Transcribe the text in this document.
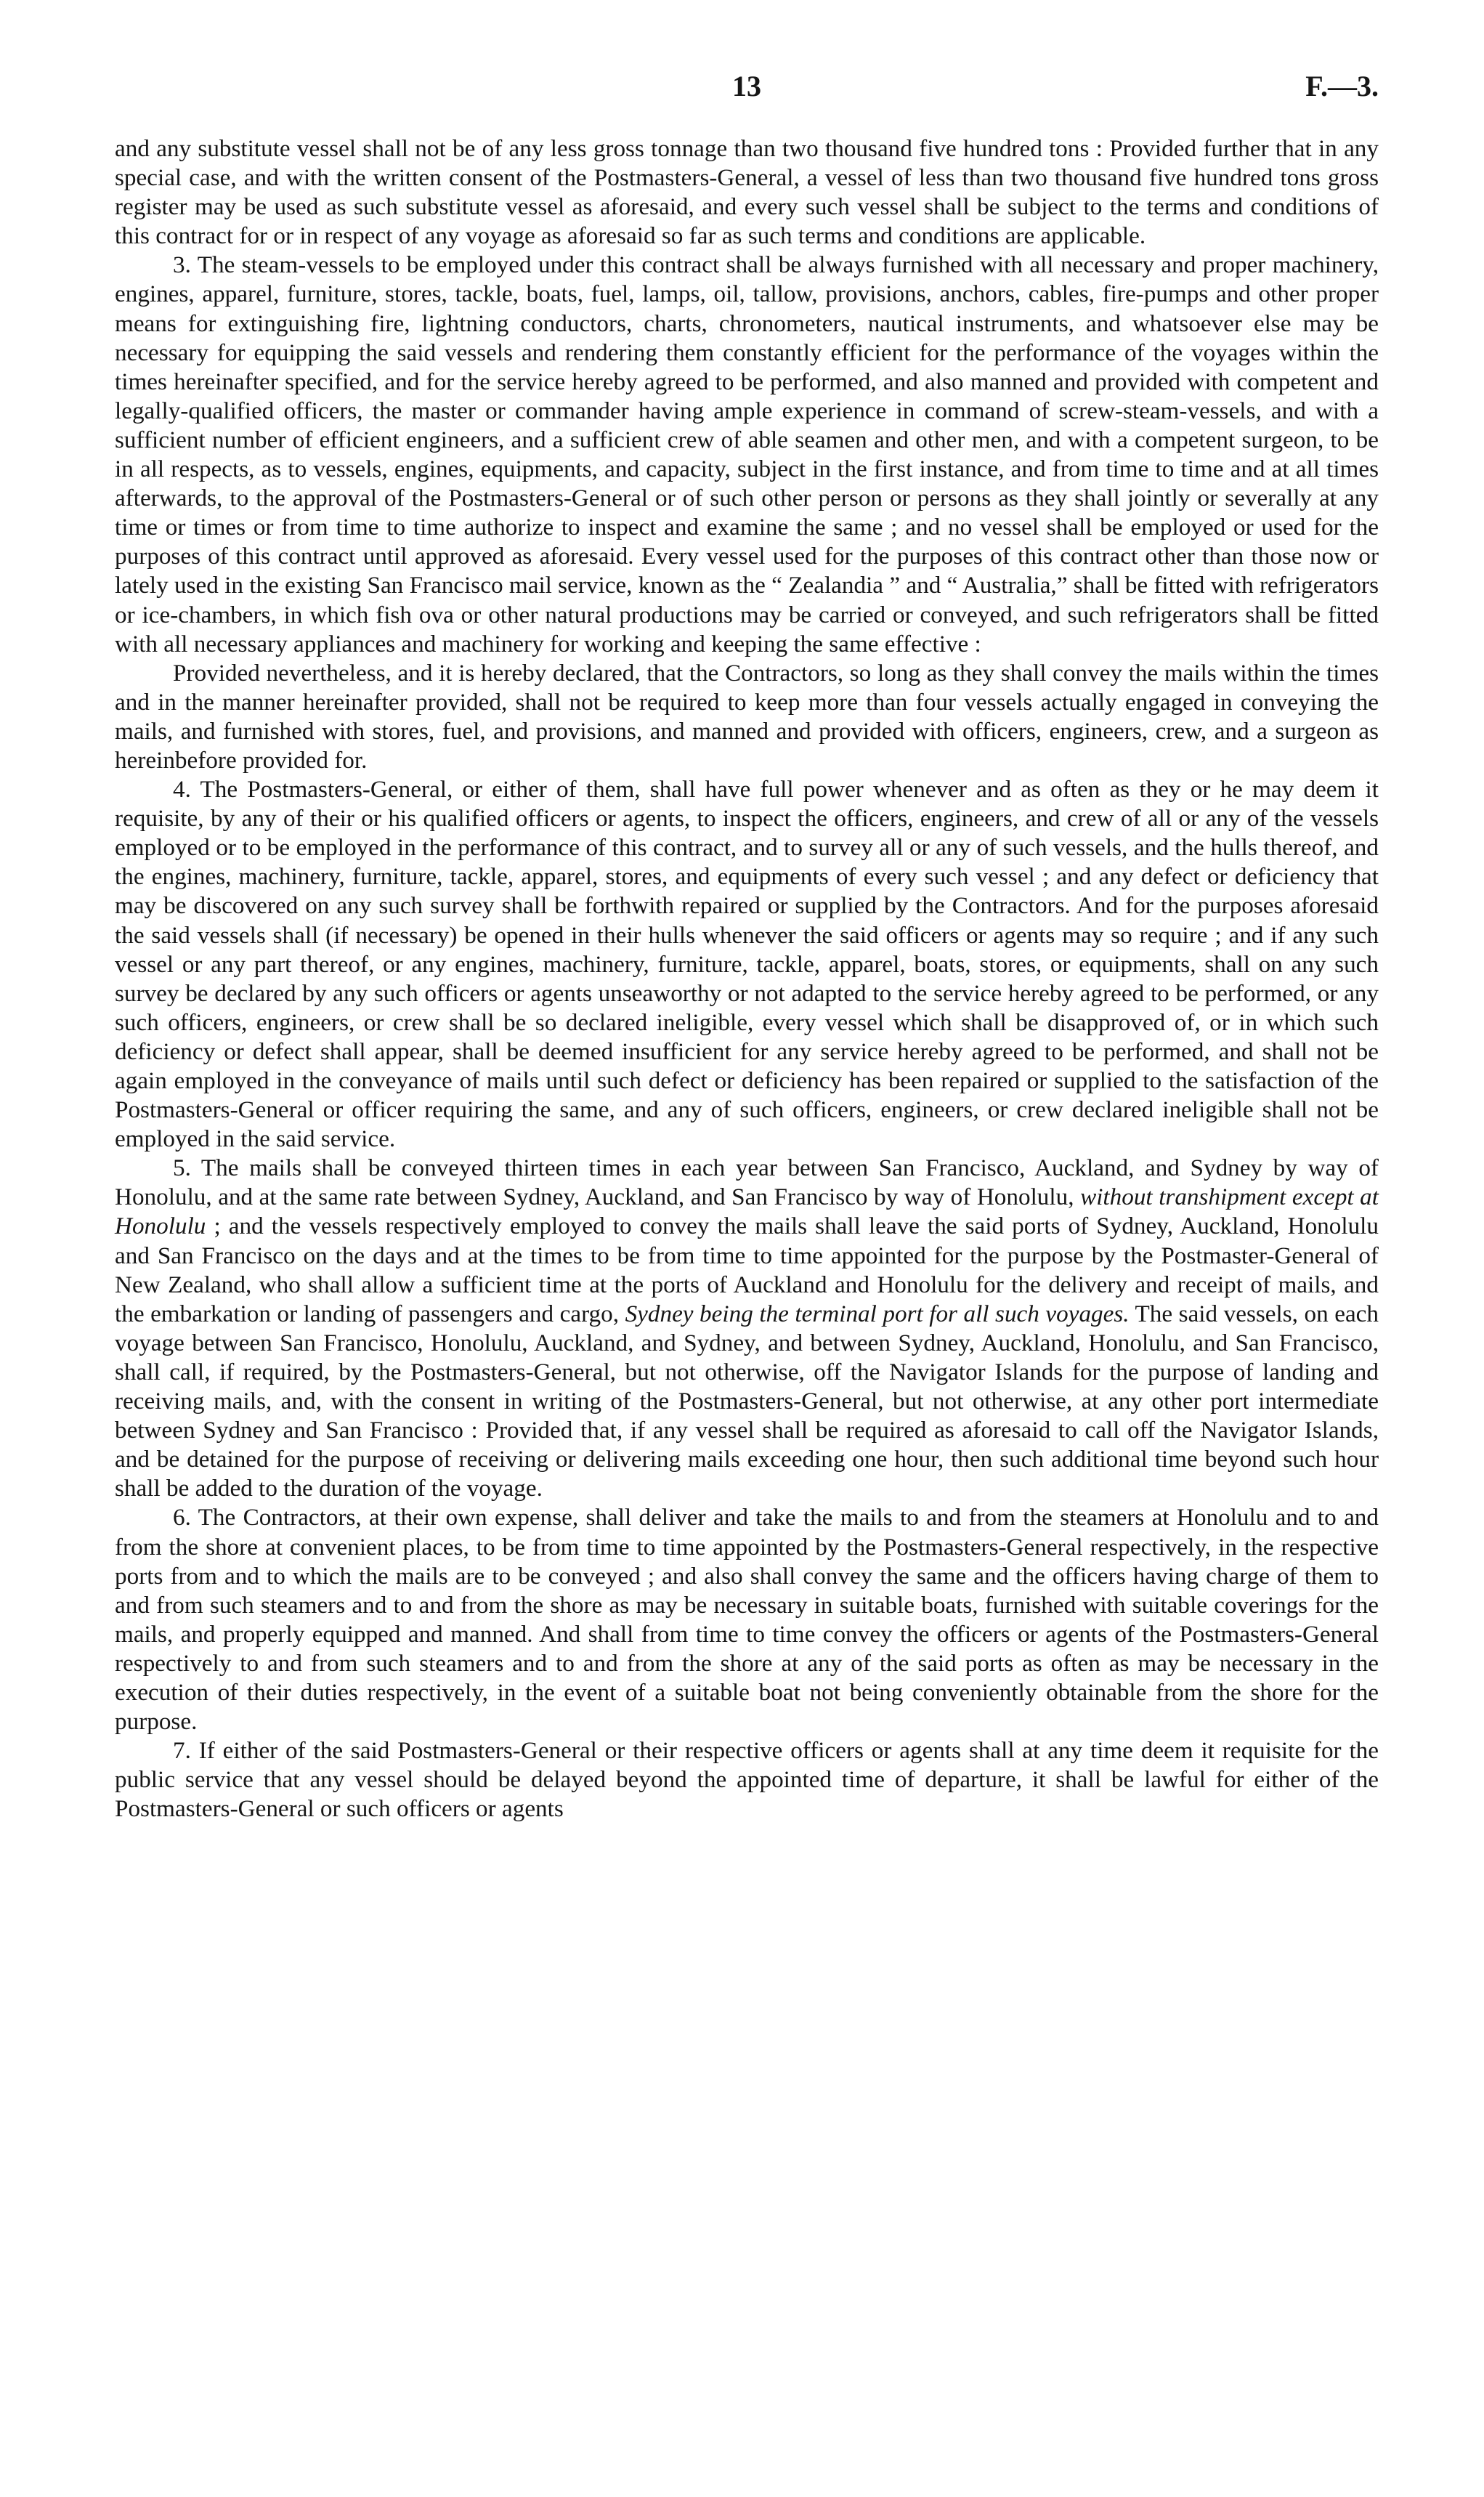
13	F.—3.

and any substitute vessel shall not be of any less gross tonnage than two thousand five hundred tons : Provided further that in any special case, and with the written consent of the Postmasters-General, a vessel of less than two thousand five hundred tons gross register may be used as such substitute vessel as aforesaid, and every such vessel shall be subject to the terms and conditions of this contract for or in respect of any voyage as aforesaid so far as such terms and conditions are applicable.

3. The steam-vessels to be employed under this contract shall be always furnished with all necessary and proper machinery, engines, apparel, furniture, stores, tackle, boats, fuel, lamps, oil, tallow, provisions, anchors, cables, fire-pumps and other proper means for extinguishing fire, lightning conductors, charts, chronometers, nautical instruments, and whatsoever else may be necessary for equipping the said vessels and rendering them constantly efficient for the performance of the voyages within the times hereinafter specified, and for the service hereby agreed to be performed, and also manned and provided with competent and legally-qualified officers, the master or commander having ample experience in command of screw-steam-vessels, and with a sufficient number of efficient engineers, and a sufficient crew of able seamen and other men, and with a competent surgeon, to be in all respects, as to vessels, engines, equipments, and capacity, subject in the first instance, and from time to time and at all times afterwards, to the approval of the Postmasters-General or of such other person or persons as they shall jointly or severally at any time or times or from time to time authorize to inspect and examine the same ; and no vessel shall be employed or used for the purposes of this contract until approved as aforesaid. Every vessel used for the purposes of this contract other than those now or lately used in the existing San Francisco mail service, known as the “ Zealandia ” and “ Australia,” shall be fitted with refrigerators or ice-chambers, in which fish ova or other natural productions may be carried or conveyed, and such refrigerators shall be fitted with all necessary appliances and machinery for working and keeping the same effective :

Provided nevertheless, and it is hereby declared, that the Contractors, so long as they shall convey the mails within the times and in the manner hereinafter provided, shall not be required to keep more than four vessels actually engaged in conveying the mails, and furnished with stores, fuel, and provisions, and manned and provided with officers, engineers, crew, and a surgeon as hereinbefore provided for.

4. The Postmasters-General, or either of them, shall have full power whenever and as often as they or he may deem it requisite, by any of their or his qualified officers or agents, to inspect the officers, engineers, and crew of all or any of the vessels employed or to be employed in the performance of this contract, and to survey all or any of such vessels, and the hulls thereof, and the engines, machinery, furniture, tackle, apparel, stores, and equipments of every such vessel ; and any defect or deficiency that may be discovered on any such survey shall be forthwith repaired or supplied by the Contractors. And for the purposes aforesaid the said vessels shall (if necessary) be opened in their hulls whenever the said officers or agents may so require ; and if any such vessel or any part thereof, or any engines, machinery, furniture, tackle, apparel, boats, stores, or equipments, shall on any such survey be declared by any such officers or agents unseaworthy or not adapted to the service hereby agreed to be performed, or any such officers, engineers, or crew shall be so declared ineligible, every vessel which shall be disapproved of, or in which such deficiency or defect shall appear, shall be deemed insufficient for any service hereby agreed to be performed, and shall not be again employed in the conveyance of mails until such defect or deficiency has been repaired or supplied to the satisfaction of the Postmasters-General or officer requiring the same, and any of such officers, engineers, or crew declared ineligible shall not be employed in the said service.

5. The mails shall be conveyed thirteen times in each year between San Francisco, Auckland, and Sydney by way of Honolulu, and at the same rate between Sydney, Auckland, and San Francisco by way of Honolulu, without transhipment except at Honolulu ; and the vessels respectively employed to convey the mails shall leave the said ports of Sydney, Auckland, Honolulu and San Francisco on the days and at the times to be from time to time appointed for the purpose by the Postmaster-General of New Zealand, who shall allow a sufficient time at the ports of Auckland and Honolulu for the delivery and receipt of mails, and the embarkation or landing of passengers and cargo, Sydney being the terminal port for all such voyages. The said vessels, on each voyage between San Francisco, Honolulu, Auckland, and Sydney, and between Sydney, Auckland, Honolulu, and San Francisco, shall call, if required, by the Postmasters-General, but not otherwise, off the Navigator Islands for the purpose of landing and receiving mails, and, with the consent in writing of the Postmasters-General, but not otherwise, at any other port intermediate between Sydney and San Francisco : Provided that, if any vessel shall be required as aforesaid to call off the Navigator Islands, and be detained for the purpose of receiving or delivering mails exceeding one hour, then such additional time beyond such hour shall be added to the duration of the voyage.

6. The Contractors, at their own expense, shall deliver and take the mails to and from the steamers at Honolulu and to and from the shore at convenient places, to be from time to time appointed by the Postmasters-General respectively, in the respective ports from and to which the mails are to be conveyed ; and also shall convey the same and the officers having charge of them to and from such steamers and to and from the shore as may be necessary in suitable boats, furnished with suitable coverings for the mails, and properly equipped and manned. And shall from time to time convey the officers or agents of the Postmasters-General respectively to and from such steamers and to and from the shore at any of the said ports as often as may be necessary in the execution of their duties respectively, in the event of a suitable boat not being conveniently obtainable from the shore for the purpose.

7. If either of the said Postmasters-General or their respective officers or agents shall at any time deem it requisite for the public service that any vessel should be delayed beyond the appointed time of departure, it shall be lawful for either of the Postmasters-General or such officers or agents
